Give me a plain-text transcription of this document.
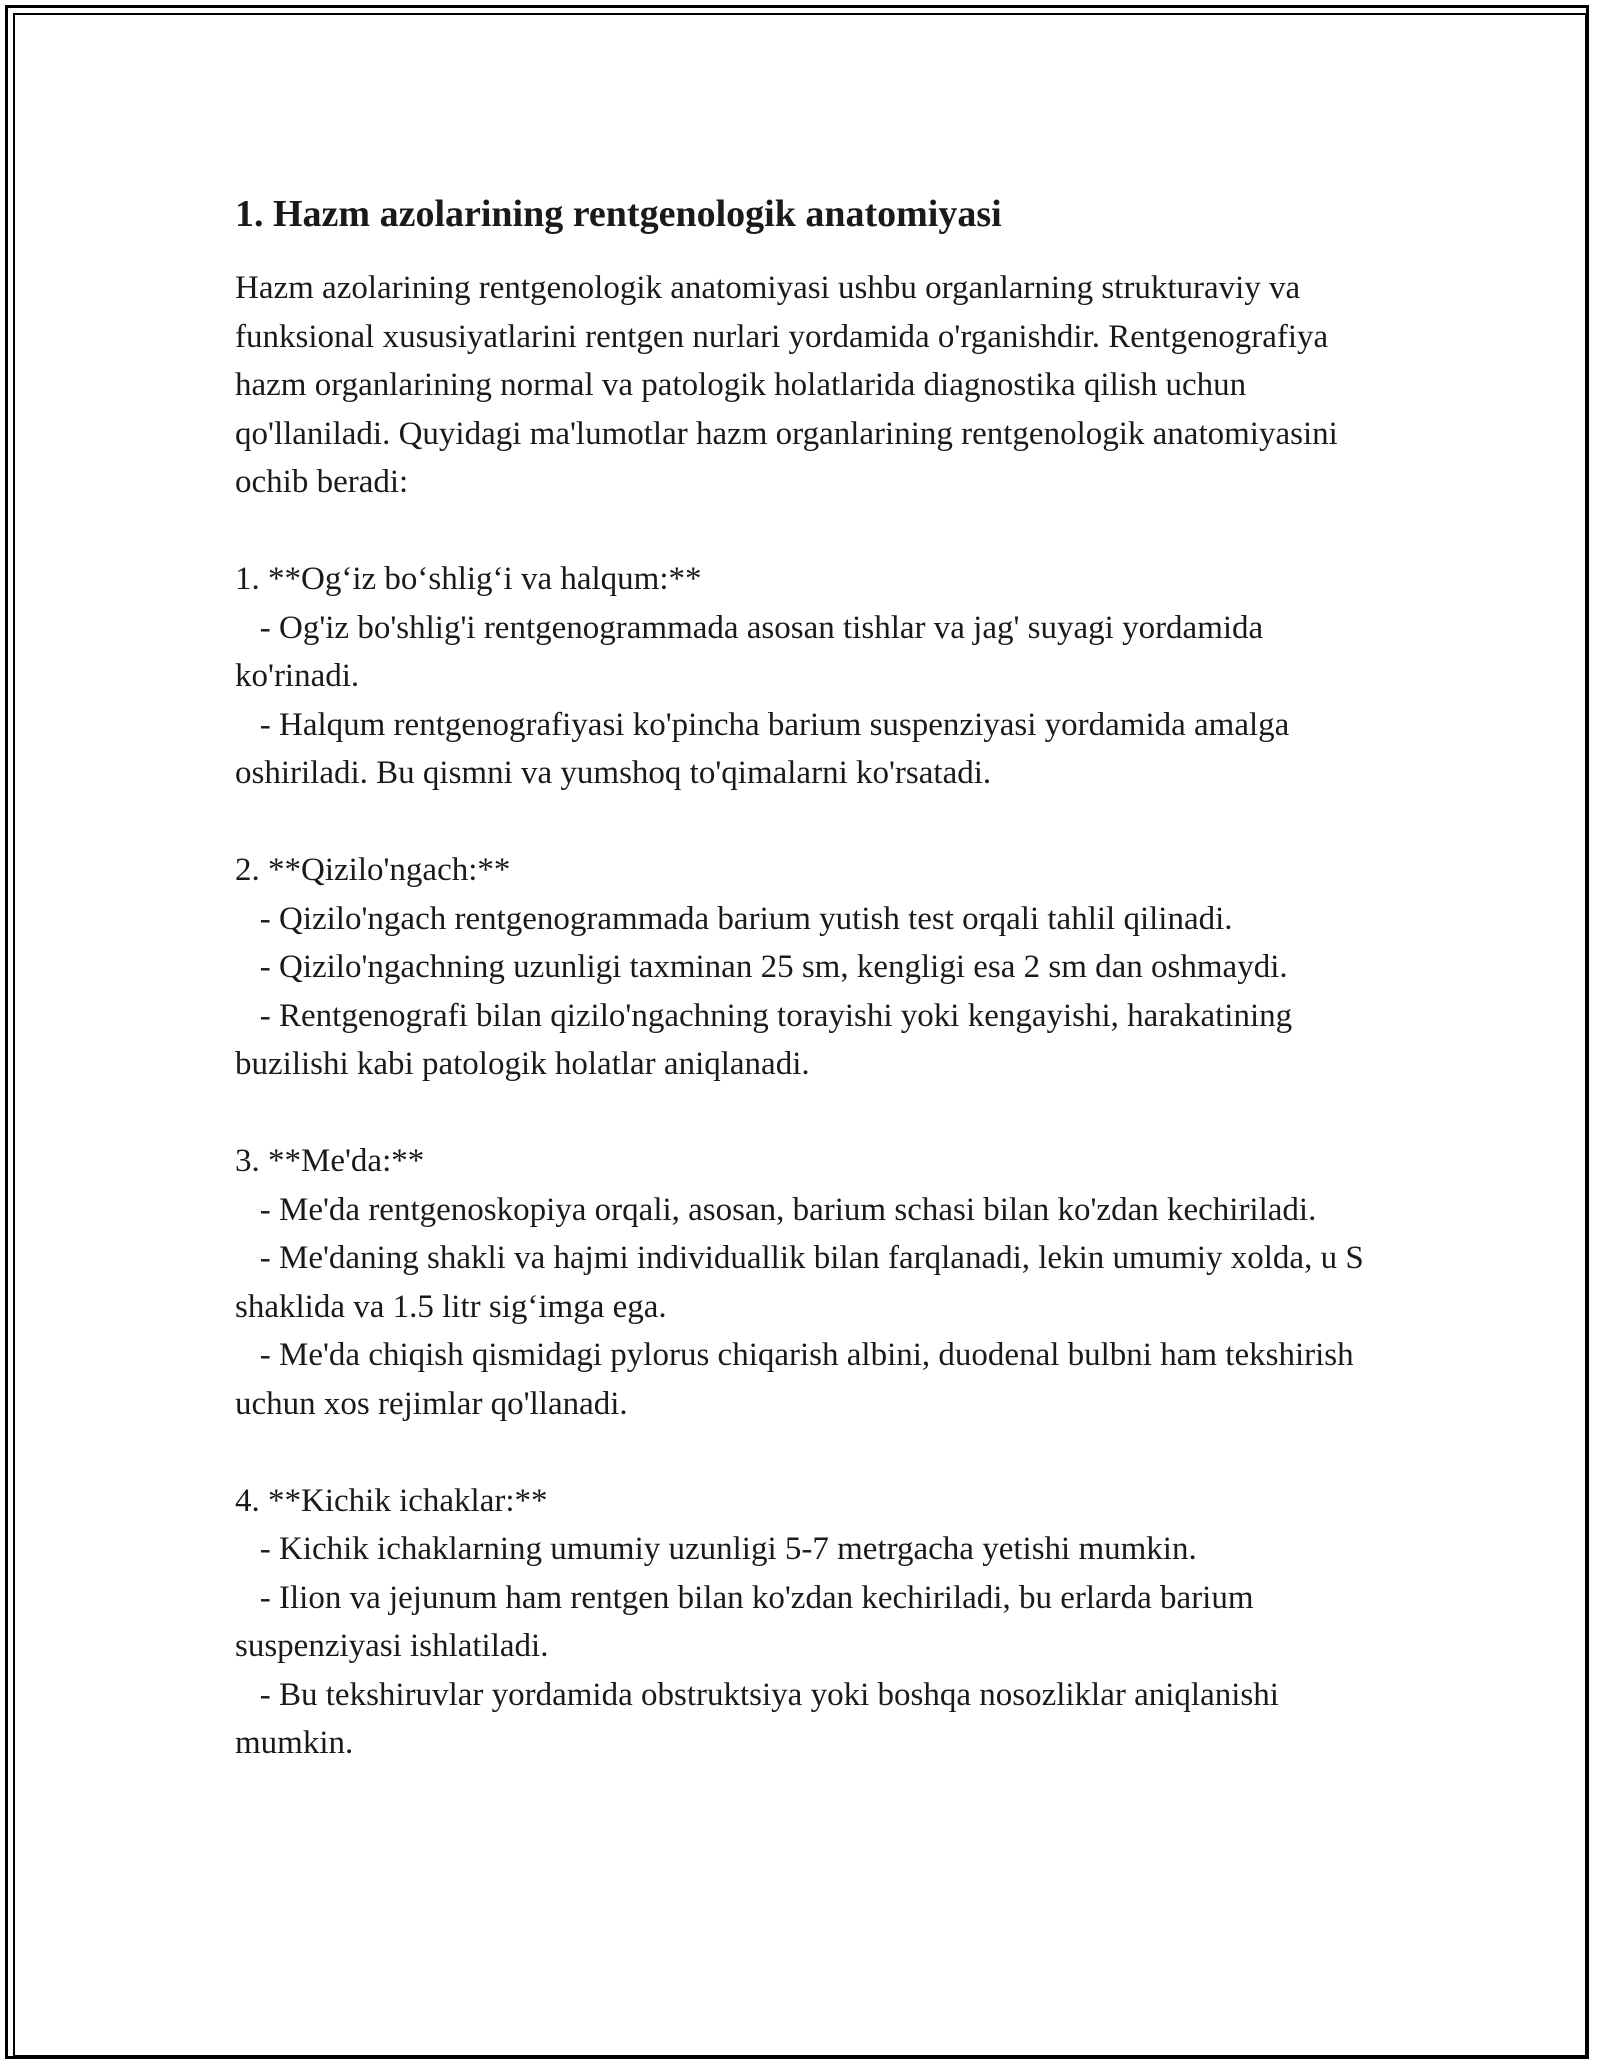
1. Hazm azolarining rentgenologik anatomiyasi

Hazm azolarining rentgenologik anatomiyasi ushbu organlarning strukturaviy va funksional xususiyatlarini rentgen nurlari yordamida o'rganishdir. Rentgenografiya hazm organlarining normal va patologik holatlarida diagnostika qilish uchun qo'llaniladi. Quyidagi ma'lumotlar hazm organlarining rentgenologik anatomiyasini ochib beradi:

1. **Og‘iz bo‘shlig‘i va halqum:**

- Og'iz bo'shlig'i rentgenogrammada asosan tishlar va jag' suyagi yordamida ko'rinadi.

- Halqum rentgenografiyasi ko'pincha barium suspenziyasi yordamida amalga oshiriladi. Bu qismni va yumshoq to'qimalarni ko'rsatadi.

2. **Qizilo'ngach:**

- Qizilo'ngach rentgenogrammada barium yutish test orqali tahlil qilinadi.

- Qizilo'ngachning uzunligi taxminan 25 sm, kengligi esa 2 sm dan oshmaydi.

- Rentgenografi bilan qizilo'ngachning torayishi yoki kengayishi, harakatining buzilishi kabi patologik holatlar aniqlanadi.

3. **Me'da:**

- Me'da rentgenoskopiya orqali, asosan, barium schasi bilan ko'zdan kechiriladi.

- Me'daning shakli va hajmi individuallik bilan farqlanadi, lekin umumiy xolda, u S shaklida va 1.5 litr sig‘imga ega.

- Me'da chiqish qismidagi pylorus chiqarish albini, duodenal bulbni ham tekshirish uchun xos rejimlar qo'llanadi.

4. **Kichik ichaklar:**

- Kichik ichaklarning umumiy uzunligi 5-7 metrgacha yetishi mumkin.

- Ilion va jejunum ham rentgen bilan ko'zdan kechiriladi, bu erlarda barium suspenziyasi ishlatiladi.

- Bu tekshiruvlar yordamida obstruktsiya yoki boshqa nosozliklar aniqlanishi mumkin.
